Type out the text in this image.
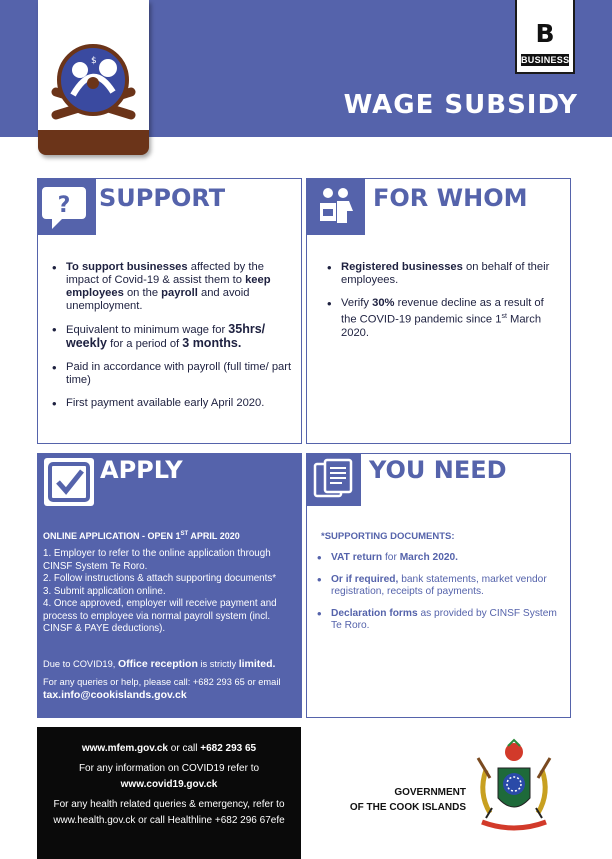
$
B
BUSINESS
WAGE SUBSIDY
? SUPPORT
• To support businesses affected by the impact of Covid-19 & assist them to keep employees on the payroll and avoid unemployment.
• Equivalent to minimum wage for 35hrs/ weekly for a period of 3 months.
• Paid in accordance with payroll (full time/ part time)
• First payment available early April 2020.
FOR WHOM
• Registered businesses on behalf of their employees.
• Verify 30% revenue decline as a result of the COVID-19 pandemic since 1st March 2020.
APPLY
ONLINE APPLICATION - OPEN 1ST APRIL 2020
1. Employer to refer to the online application through CINSF System Te Roro.
2. Follow instructions & attach supporting documents*
3. Submit application online.
4. Once approved, employer will receive payment and process to employee via normal payroll system (incl. CINSF & PAYE deductions).
Due to COVID19, Office reception is strictly limited.
For any queries or help, please call: +682 293 65 or email tax.info@cookislands.gov.ck
YOU NEED
*SUPPORTING DOCUMENTS:
• VAT return for March 2020.
• Or if required, bank statements, market vendor registration, receipts of payments.
• Declaration forms as provided by CINSF System Te Roro.
www.mfem.gov.ck or call +682 293 65
For any information on COVID19 refer to
www.covid19.gov.ck
For any health related queries & emergency, refer to
www.health.gov.ck or call Healthline +682 296 67efe
GOVERNMENT
OF THE COOK ISLANDS
